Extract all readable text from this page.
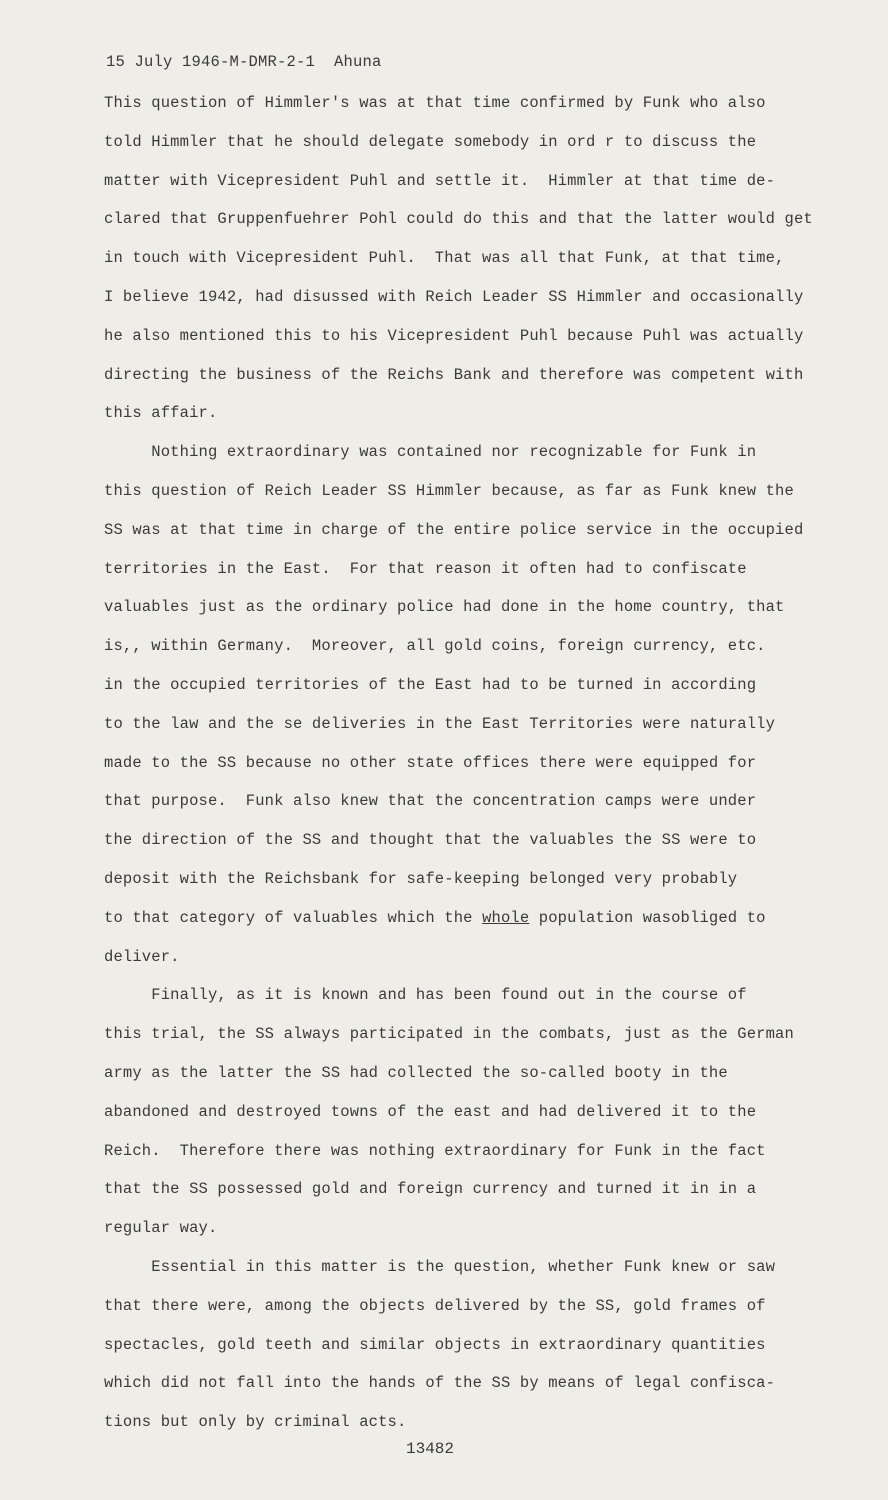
15 July 1946-M-DMR-2-1  Ahuna
This question of Himmler's was at that time confirmed by Funk who also
told Himmler that he should delegate somebody in ord r to discuss the
matter with Vicepresident Puhl and settle it.  Himmler at that time de-
clared that Gruppenfuehrer Pohl could do this and that the latter would get
in touch with Vicepresident Puhl.  That was all that Funk, at that time,
I believe 1942, had disussed with Reich Leader SS Himmler and occasionally
he also mentioned this to his Vicepresident Puhl because Puhl was actually
directing the business of the Reichs Bank and therefore was competent with
this affair.
Nothing extraordinary was contained nor recognizable for Funk in
this question of Reich Leader SS Himmler because, as far as Funk knew the
SS was at that time in charge of the entire police service in the occupied
territories in the East.  For that reason it often had to confiscate
valuables just as the ordinary police had done in the home country, that
is,, within Germany.  Moreover, all gold coins, foreign currency, etc.
in the occupied territories of the East had to be turned in according
to the law and the se deliveries in the East Territories were naturally
made to the SS because no other state offices there were equipped for
that purpose.  Funk also knew that the concentration camps were under
the direction of the SS and thought that the valuables the SS were to
deposit with the Reichsbank for safe-keeping belonged very probably
to that category of valuables which the whole population wasobliged to
deliver.
Finally, as it is known and has been found out in the course of
this trial, the SS always participated in the combats, just as the German
army as the latter the SS had collected the so-called booty in the
abandoned and destroyed towns of the east and had delivered it to the
Reich.  Therefore there was nothing extraordinary for Funk in the fact
that the SS possessed gold and foreign currency and turned it in in a
regular way.
Essential in this matter is the question, whether Funk knew or saw
that there were, among the objects delivered by the SS, gold frames of
spectacles, gold teeth and similar objects in extraordinary quantities
which did not fall into the hands of the SS by means of legal confisca-
tions but only by criminal acts.
13482
